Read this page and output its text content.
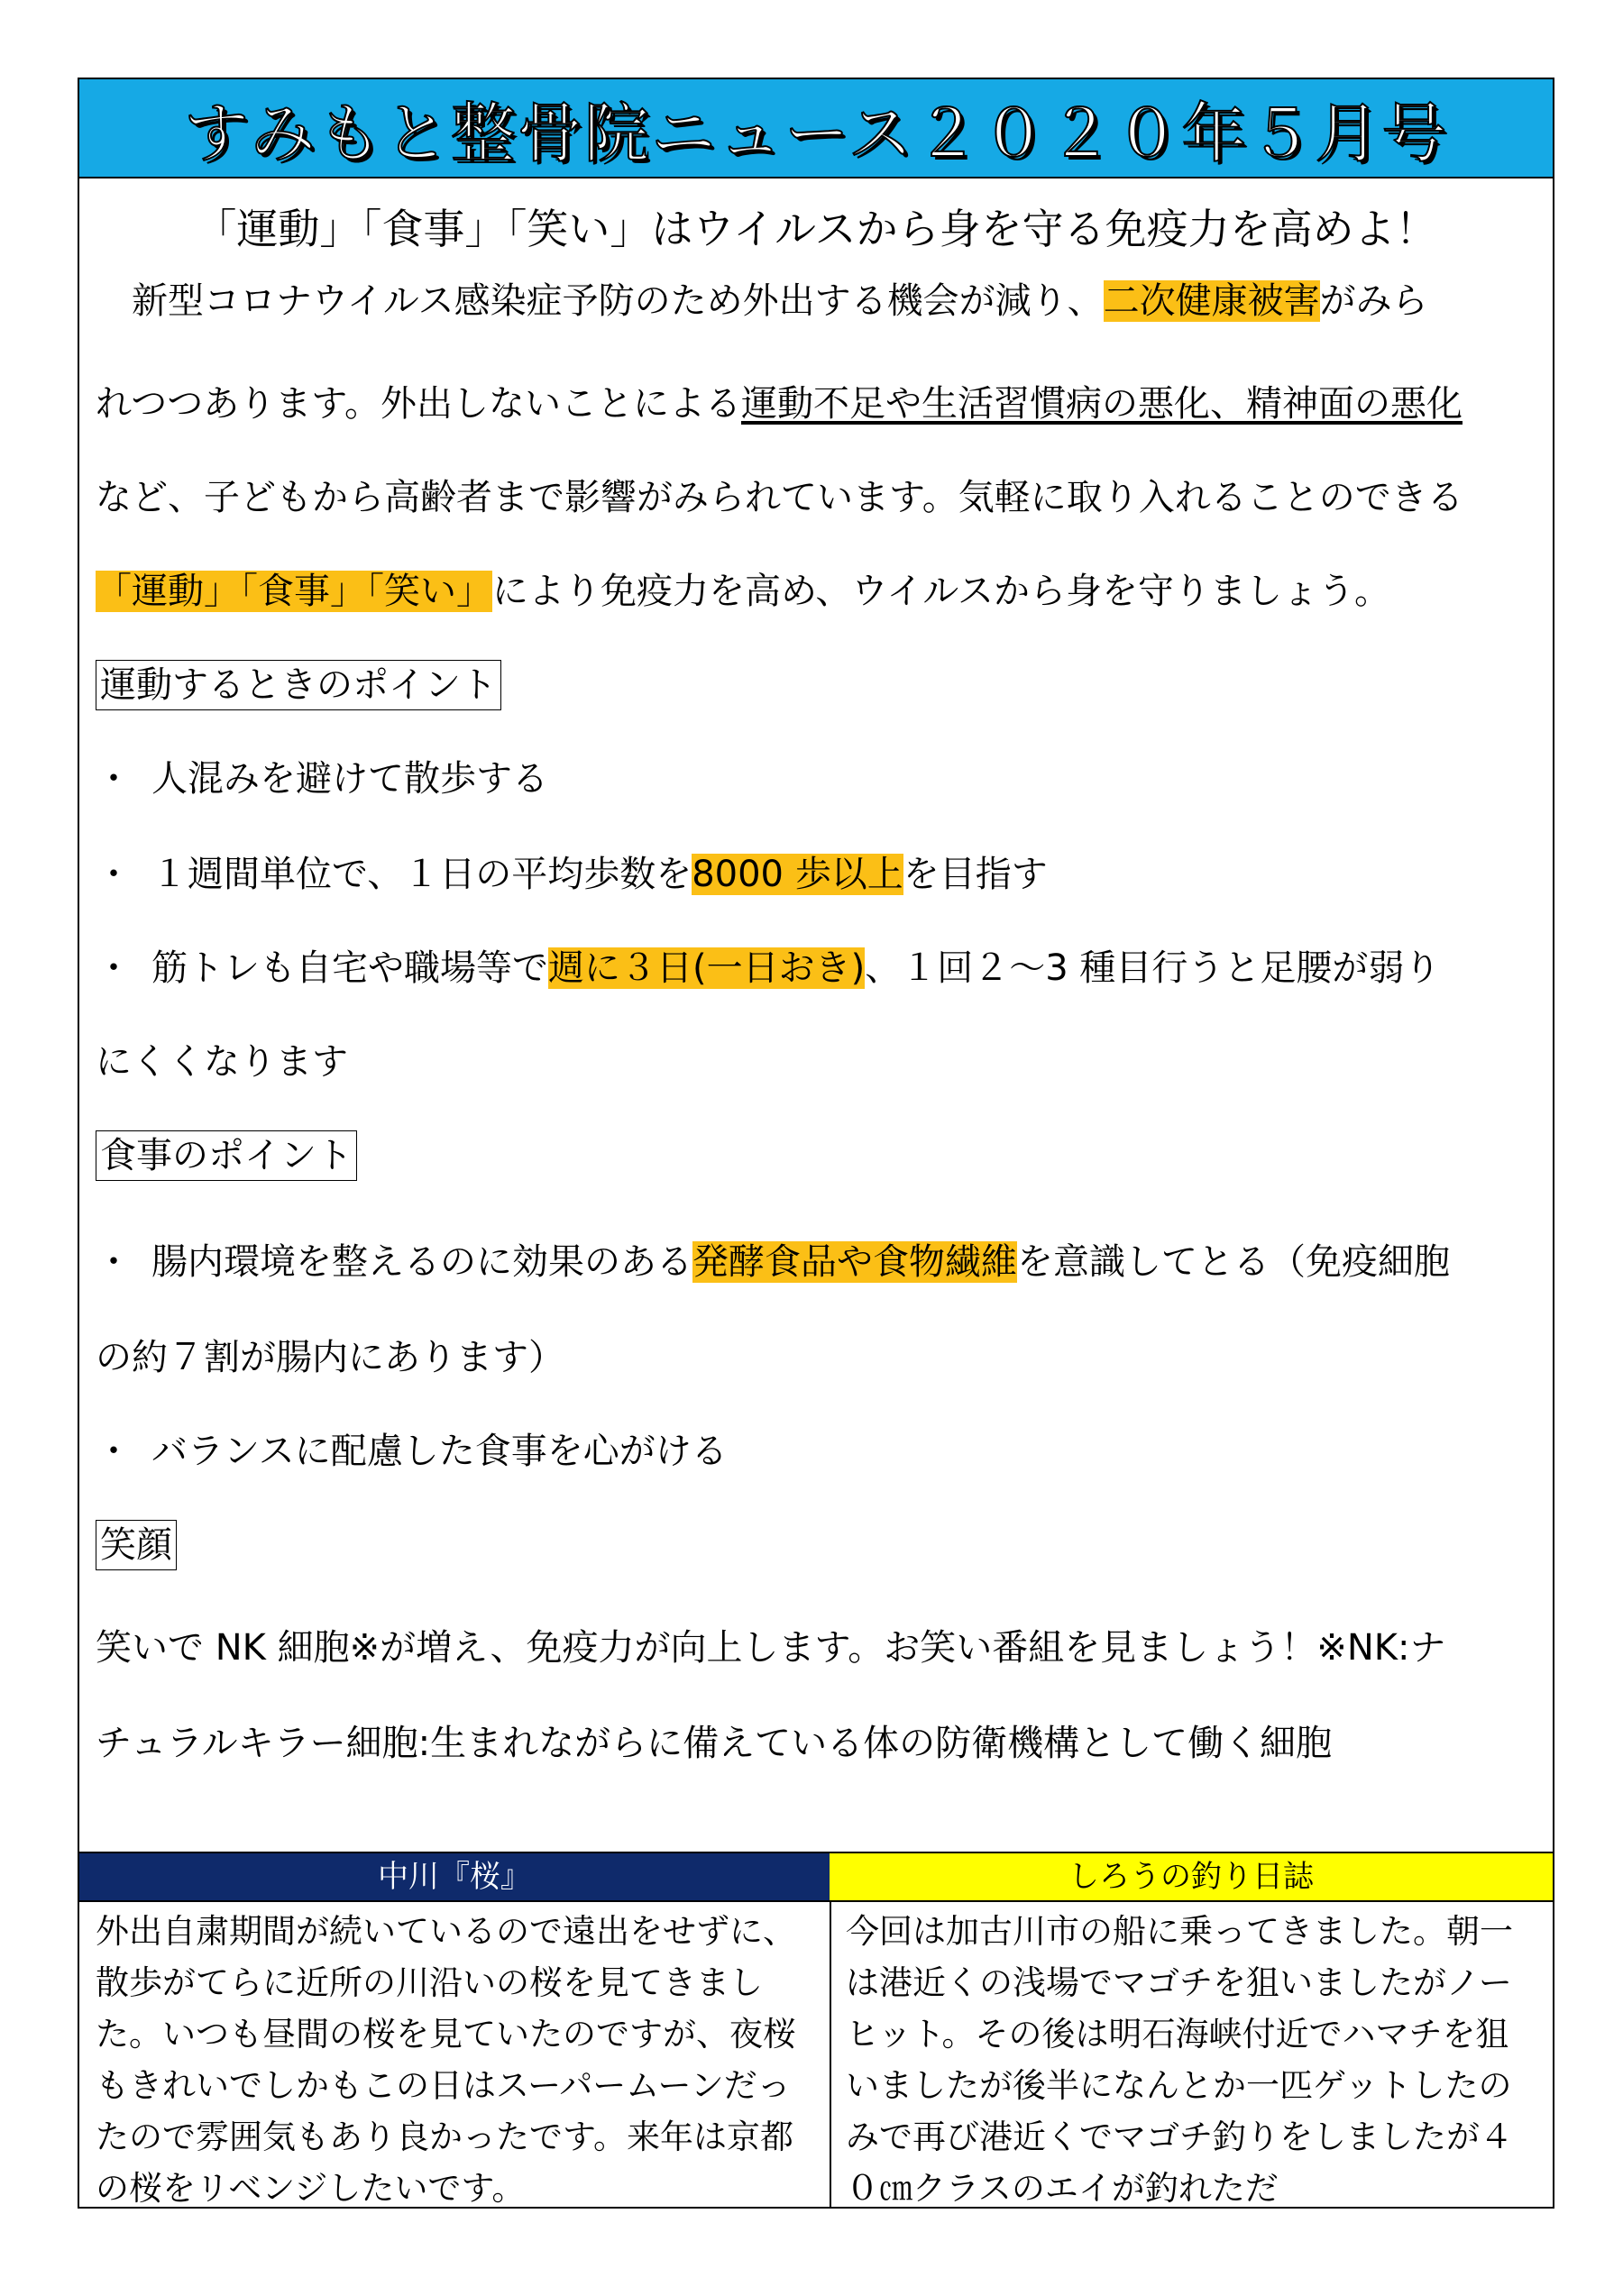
すみもと整骨院ニュース２０２０年５月号
「運動」「食事」「笑い」はウイルスから身を守る免疫力を高めよ！
　新型コロナウイルス感染症予防のため外出する機会が減り、二次健康被害がみら
れつつあります。外出しないことによる運動不足や生活習慣病の悪化、精神面の悪化
など、子どもから高齢者まで影響がみられています。気軽に取り入れることのできる
「運動」「食事」「笑い」により免疫力を高め、ウイルスから身を守りましょう。
運動するときのポイント
・ 人混みを避けて散歩する
・ １週間単位で、１日の平均歩数を8000 歩以上を目指す
・ 筋トレも自宅や職場等で週に３日(一日おき)、１回２〜3 種目行うと足腰が弱り
にくくなります
食事のポイント
・ 腸内環境を整えるのに効果のある発酵食品や食物繊維を意識してとる（免疫細胞
の約７割が腸内にあります）
・ バランスに配慮した食事を心がける
笑顔
笑いで NK 細胞※が増え、免疫力が向上します。お笑い番組を見ましょう！※NK:ナ
チュラルキラー細胞:生まれながらに備えている体の防衛機構として働く細胞
中川『桜』
外出自粛期間が続いているので遠出をせずに、散歩がてらに近所の川沿いの桜を見てきました。いつも昼間の桜を見ていたのですが、夜桜もきれいでしかもこの日はスーパームーンだったので雰囲気もあり良かったです。来年は京都の桜をリベンジしたいです。
しろうの釣り日誌
今回は加古川市の船に乗ってきました。朝一は港近くの浅場でマゴチを狙いましたがノーヒット。その後は明石海峡付近でハマチを狙いましたが後半になんとか一匹ゲットしたのみで再び港近くでマゴチ釣りをしましたが４０㎝クラスのエイが釣れただ
